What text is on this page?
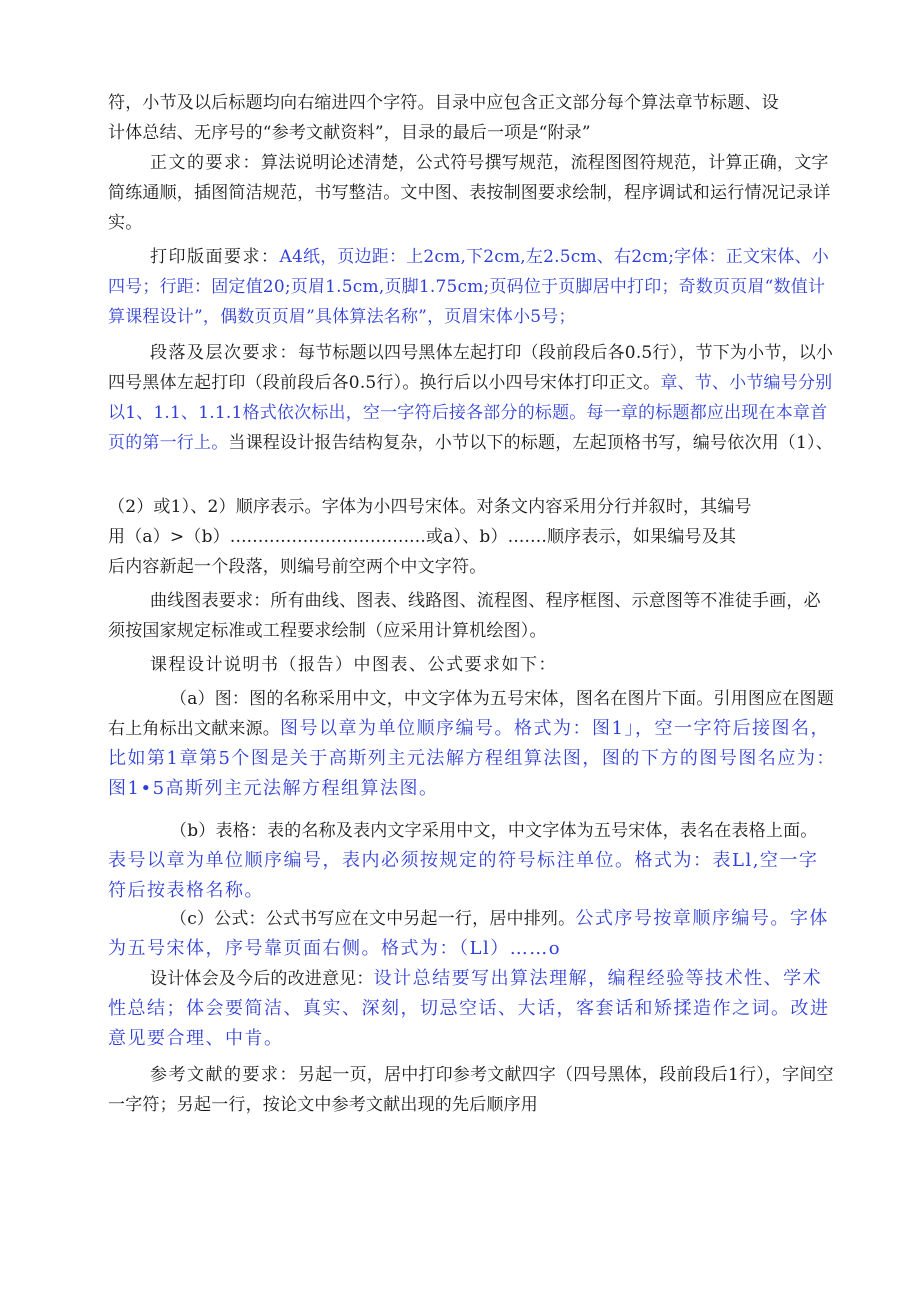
符，小节及以后标题均向右缩进四个字符。目录中应包含正文部分每个算法章节标题、设
计体总结、无序号的“参考文献资料”，目录的最后一项是“附录”

正文的要求：算法说明论述清楚，公式符号撰写规范，流程图图符规范，计算正确，文字简练通顺，插图简洁规范，书写整洁。文中图、表按制图要求绘制，程序调试和运行情况记录详实。

打印版面要求：A4纸，页边距：上2cm,下2cm,左2.5cm、右2cm;字体：正文宋体、小四号；行距：固定值20;页眉1.5cm,页脚1.75cm;页码位于页脚居中打印；奇数页页眉“数值计算课程设计”，偶数页页眉”具体算法名称”，页眉宋体小5号；

段落及层次要求：每节标题以四号黑体左起打印（段前段后各0.5行），节下为小节，以小四号黑体左起打印（段前段后各0.5行）。换行后以小四号宋体打印正文。章、节、小节编号分别以1、1.1、1.1.1格式依次标出，空一字符后接各部分的标题。每一章的标题都应出现在本章首页的第一行上。当课程设计报告结构复杂，小节以下的标题，左起顶格书写，编号依次用（1）、

（2）或1）、2）顺序表示。字体为小四号宋体。对条文内容采用分行并叙时，其编号

用（a）>（b）...................................或a）、b）.......顺序表示，如果编号及其

后内容新起一个段落，则编号前空两个中文字符。

曲线图表要求：所有曲线、图表、线路图、流程图、程序框图、示意图等不准徒手画，必须按国家规定标准或工程要求绘制（应采用计算机绘图）。

课程设计说明书（报告）中图表、公式要求如下：

（a）图：图的名称采用中文，中文字体为五号宋体，图名在图片下面。引用图应在图题右上角标出文献来源。图号以章为单位顺序编号。格式为：图1」，空一字符后接图名，比如第1章第5个图是关于高斯列主元法解方程组算法图，图的下方的图号图名应为：图1•5高斯列主元法解方程组算法图。

（b）表格：表的名称及表内文字采用中文，中文字体为五号宋体，表名在表格上面。表号以章为单位顺序编号，表内必须按规定的符号标注单位。格式为：表Ll,空一字符后按表格名称。

（c）公式：公式书写应在文中另起一行，居中排列。公式序号按章顺序编号。字体为五号宋体，序号靠页面右侧。格式为：（Ll）……o

设计体会及今后的改进意见：设计总结要写出算法理解，编程经验等技术性、学术性总结；体会要简洁、真实、深刻，切忌空话、大话，客套话和矫揉造作之词。改进意见要合理、中肯。

参考文献的要求：另起一页，居中打印参考文献四字（四号黑体，段前段后1行），字间空一字符；另起一行，按论文中参考文献出现的先后顺序用
